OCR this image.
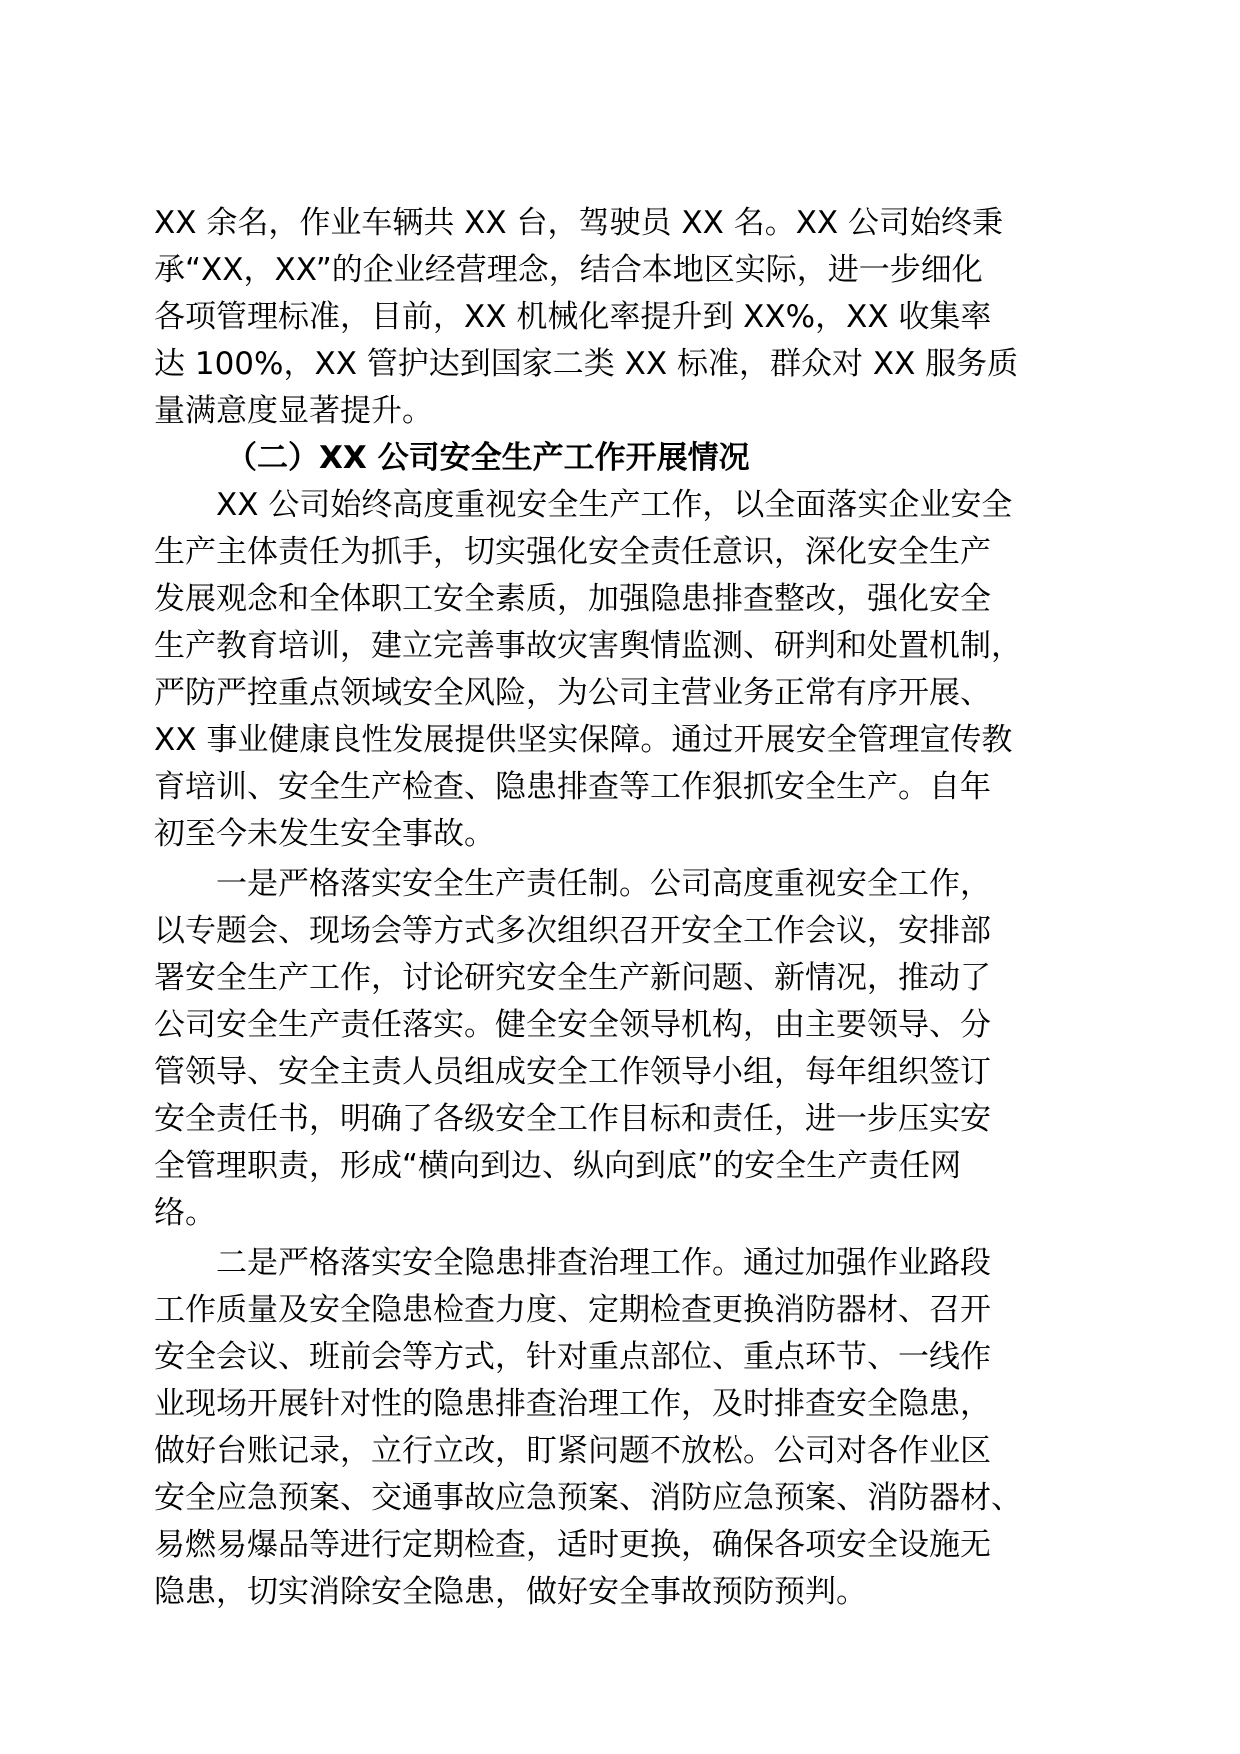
XX 余名，作业车辆共 XX 台，驾驶员 XX 名。XX 公司始终秉
承“XX，XX”的企业经营理念，结合本地区实际，进一步细化
各项管理标准，目前，XX 机械化率提升到 XX%，XX 收集率
达 100%，XX 管护达到国家二类 XX 标准，群众对 XX 服务质
量满意度显著提升。
（二）XX 公司安全生产工作开展情况
XX 公司始终高度重视安全生产工作，以全面落实企业安全
生产主体责任为抓手，切实强化安全责任意识，深化安全生产
发展观念和全体职工安全素质，加强隐患排查整改，强化安全
生产教育培训，建立完善事故灾害舆情监测、研判和处置机制，
严防严控重点领域安全风险，为公司主营业务正常有序开展、
XX 事业健康良性发展提供坚实保障。通过开展安全管理宣传教
育培训、安全生产检查、隐患排查等工作狠抓安全生产。自年
初至今未发生安全事故。
一是严格落实安全生产责任制。公司高度重视安全工作，
以专题会、现场会等方式多次组织召开安全工作会议，安排部
署安全生产工作，讨论研究安全生产新问题、新情况，推动了
公司安全生产责任落实。健全安全领导机构，由主要领导、分
管领导、安全主责人员组成安全工作领导小组，每年组织签订
安全责任书，明确了各级安全工作目标和责任，进一步压实安
全管理职责，形成“横向到边、纵向到底”的安全生产责任网
络。
二是严格落实安全隐患排查治理工作。通过加强作业路段
工作质量及安全隐患检查力度、定期检查更换消防器材、召开
安全会议、班前会等方式，针对重点部位、重点环节、一线作
业现场开展针对性的隐患排查治理工作，及时排查安全隐患，
做好台账记录，立行立改，盯紧问题不放松。公司对各作业区
安全应急预案、交通事故应急预案、消防应急预案、消防器材、
易燃易爆品等进行定期检查，适时更换，确保各项安全设施无
隐患，切实消除安全隐患，做好安全事故预防预判。
